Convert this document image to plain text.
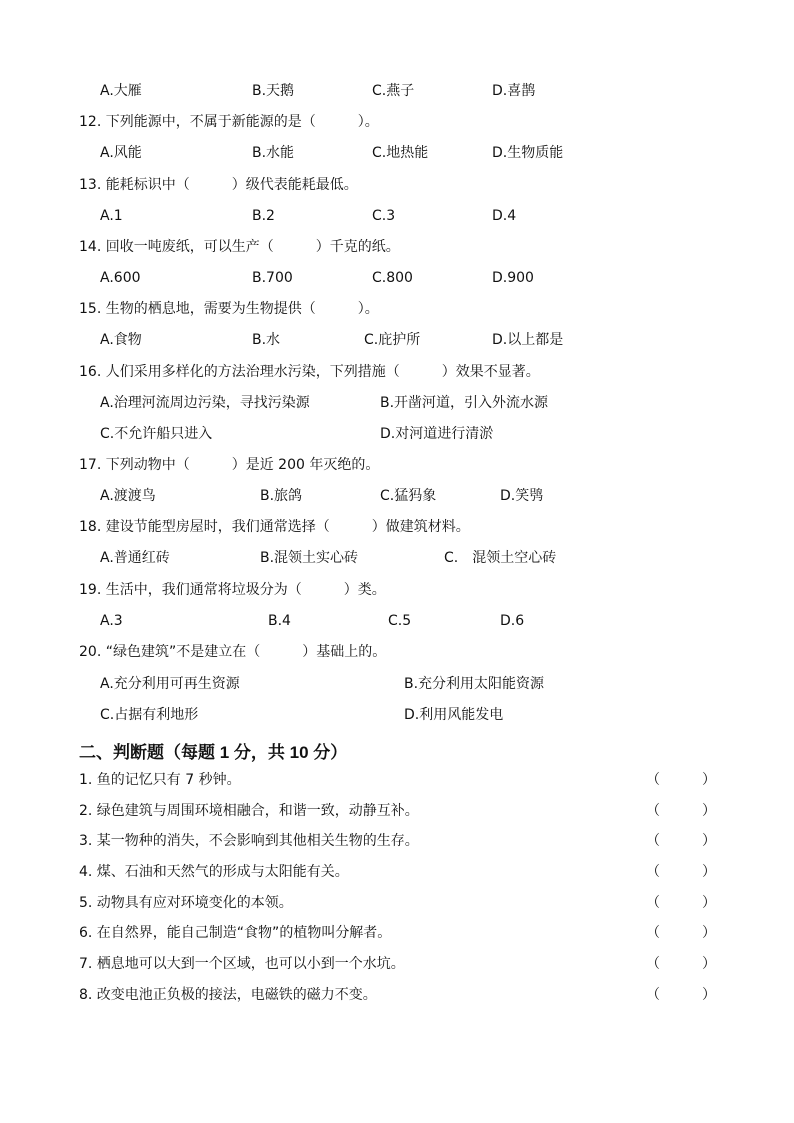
A.大雁	B.天鹅	C.燕子	D.喜鹊
12. 下列能源中，不属于新能源的是（　　　）。
A.风能	B.水能	C.地热能	D.生物质能
13. 能耗标识中（　　　）级代表能耗最低。
A.1	B.2	C.3	D.4
14. 回收一吨废纸，可以生产（　　　）千克的纸。
A.600	B.700	C.800	D.900
15. 生物的栖息地，需要为生物提供（　　　）。
A.食物	B.水	C.庇护所	D.以上都是
16. 人们采用多样化的方法治理水污染，下列措施（　　　）效果不显著。
A.治理河流周边污染，寻找污染源	B.开凿河道，引入外流水源
C.不允许船只进入	D.对河道进行清淤
17. 下列动物中（　　　）是近 200 年灭绝的。
A.渡渡鸟	B.旅鸽	C.猛犸象	D.笑鸮
18. 建设节能型房屋时，我们通常选择（　　　）做建筑材料。
A.普通红砖	B.混领土实心砖	C.　混领土空心砖
19. 生活中，我们通常将垃圾分为（　　　）类。
A.3	B.4	C.5	D.6
20. “绿色建筑”不是建立在（　　　）基础上的。
A.充分利用可再生资源	B.充分利用太阳能资源
C.占据有利地形	D.利用风能发电
二、判断题（每题 1 分，共 10 分）
1. 鱼的记忆只有 7 秒钟。	（　　　）
2. 绿色建筑与周围环境相融合，和谐一致，动静互补。	（　　　）
3. 某一物种的消失，不会影响到其他相关生物的生存。	（　　　）
4. 煤、石油和天然气的形成与太阳能有关。	（　　　）
5. 动物具有应对环境变化的本领。	（　　　）
6. 在自然界，能自己制造“食物”的植物叫分解者。	（　　　）
7. 栖息地可以大到一个区域，也可以小到一个水坑。	（　　　）
8. 改变电池正负极的接法，电磁铁的磁力不变。	（　　　）
